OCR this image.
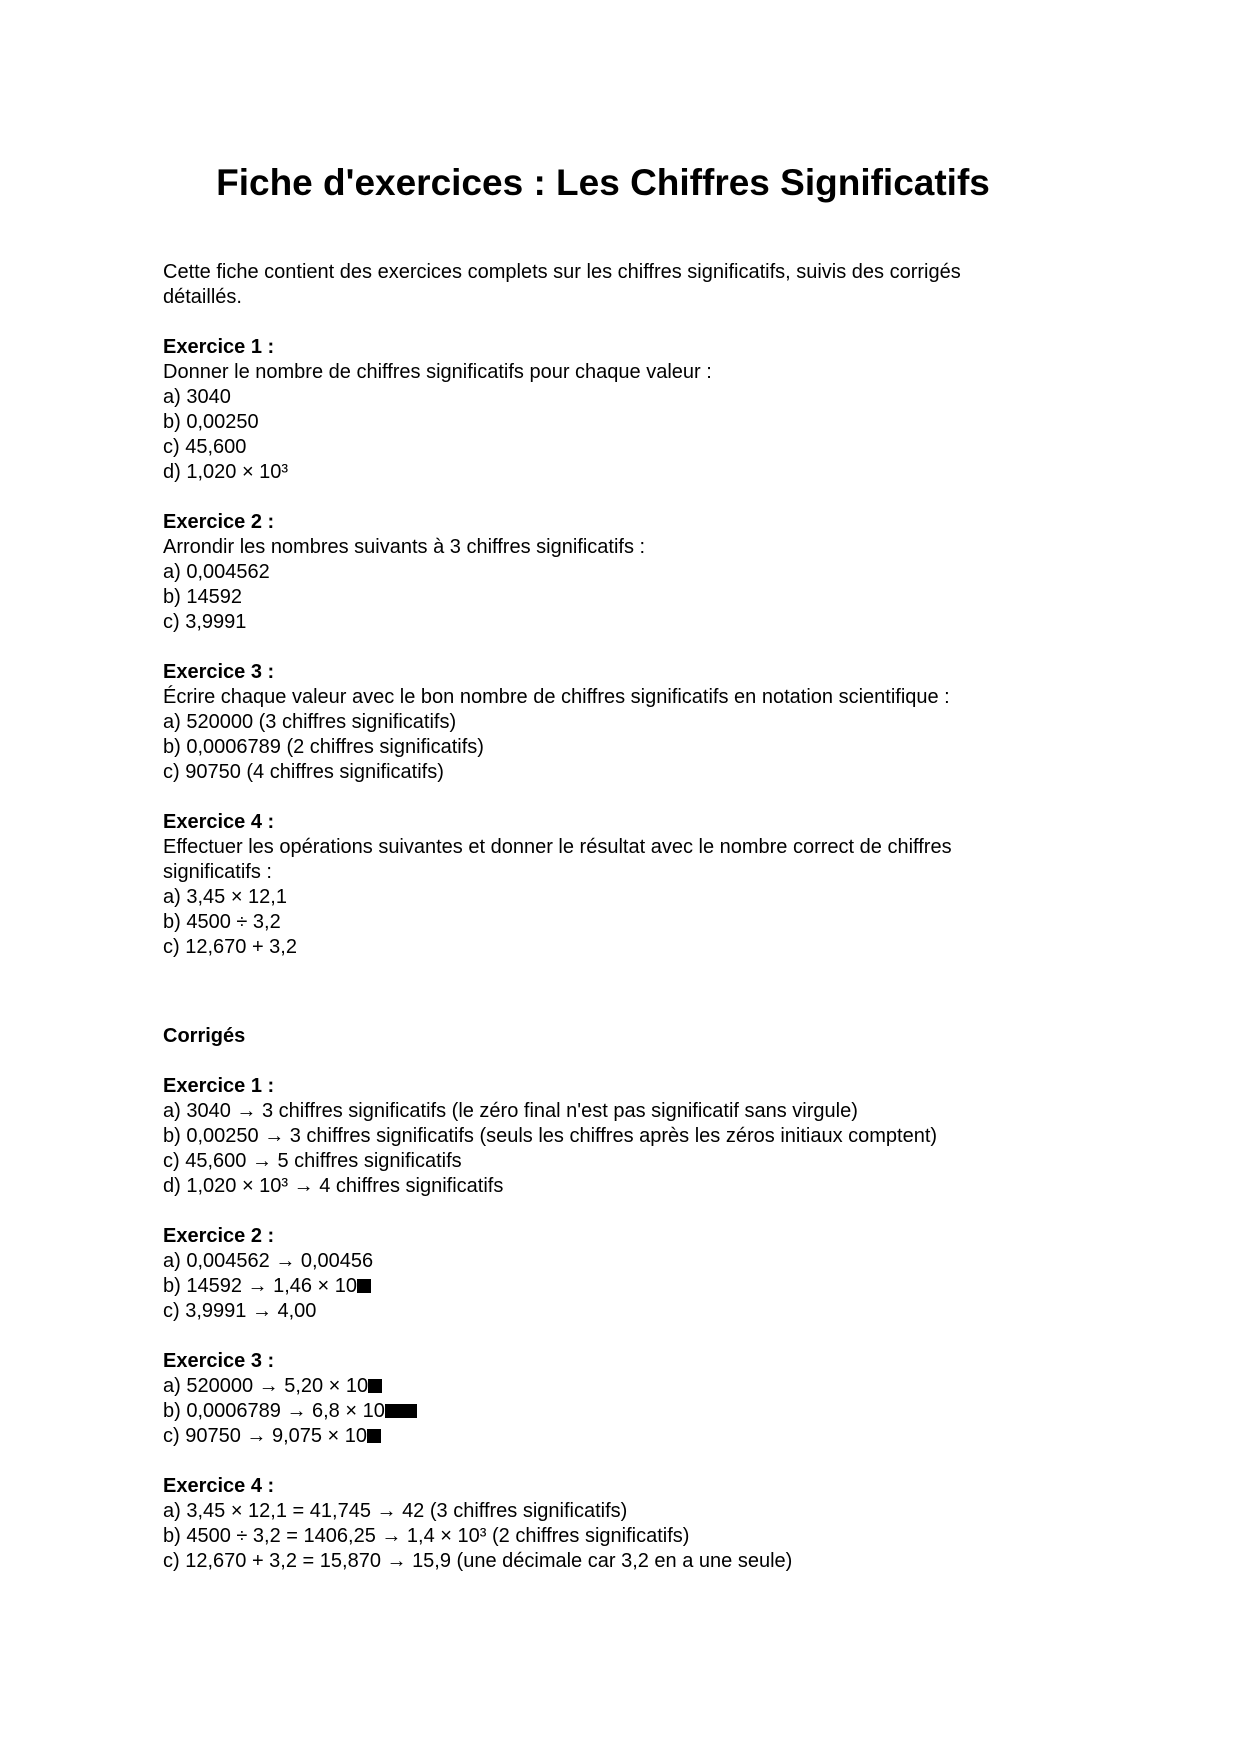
Fiche d'exercices : Les Chiffres Significatifs

Cette fiche contient des exercices complets sur les chiffres significatifs, suivis des corrigés détaillés.

Exercice 1 :
Donner le nombre de chiffres significatifs pour chaque valeur :
a) 3040
b) 0,00250
c) 45,600
d) 1,020 × 10³
Exercice 2 :
Arrondir les nombres suivants à 3 chiffres significatifs :
a) 0,004562
b) 14592
c) 3,9991
Exercice 3 :
Écrire chaque valeur avec le bon nombre de chiffres significatifs en notation scientifique :
a) 520000 (3 chiffres significatifs)
b) 0,0006789 (2 chiffres significatifs)
c) 90750 (4 chiffres significatifs)
Exercice 4 :
Effectuer les opérations suivantes et donner le résultat avec le nombre correct de chiffres significatifs :
a) 3,45 × 12,1
b) 4500 ÷ 3,2
c) 12,670 + 3,2
Corrigés
Exercice 1 :
a) 3040 → 3 chiffres significatifs (le zéro final n'est pas significatif sans virgule)
b) 0,00250 → 3 chiffres significatifs (seuls les chiffres après les zéros initiaux comptent)
c) 45,600 → 5 chiffres significatifs
d) 1,020 × 10³ → 4 chiffres significatifs
Exercice 2 :
a) 0,004562 → 0,00456
b) 14592 → 1,46 × 10
c) 3,9991 → 4,00
Exercice 3 :
a) 520000 → 5,20 × 10
b) 0,0006789 → 6,8 × 10
c) 90750 → 9,075 × 10
Exercice 4 :
a) 3,45 × 12,1 = 41,745 → 42 (3 chiffres significatifs)
b) 4500 ÷ 3,2 = 1406,25 → 1,4 × 10³ (2 chiffres significatifs)
c) 12,670 + 3,2 = 15,870 → 15,9 (une décimale car 3,2 en a une seule)
